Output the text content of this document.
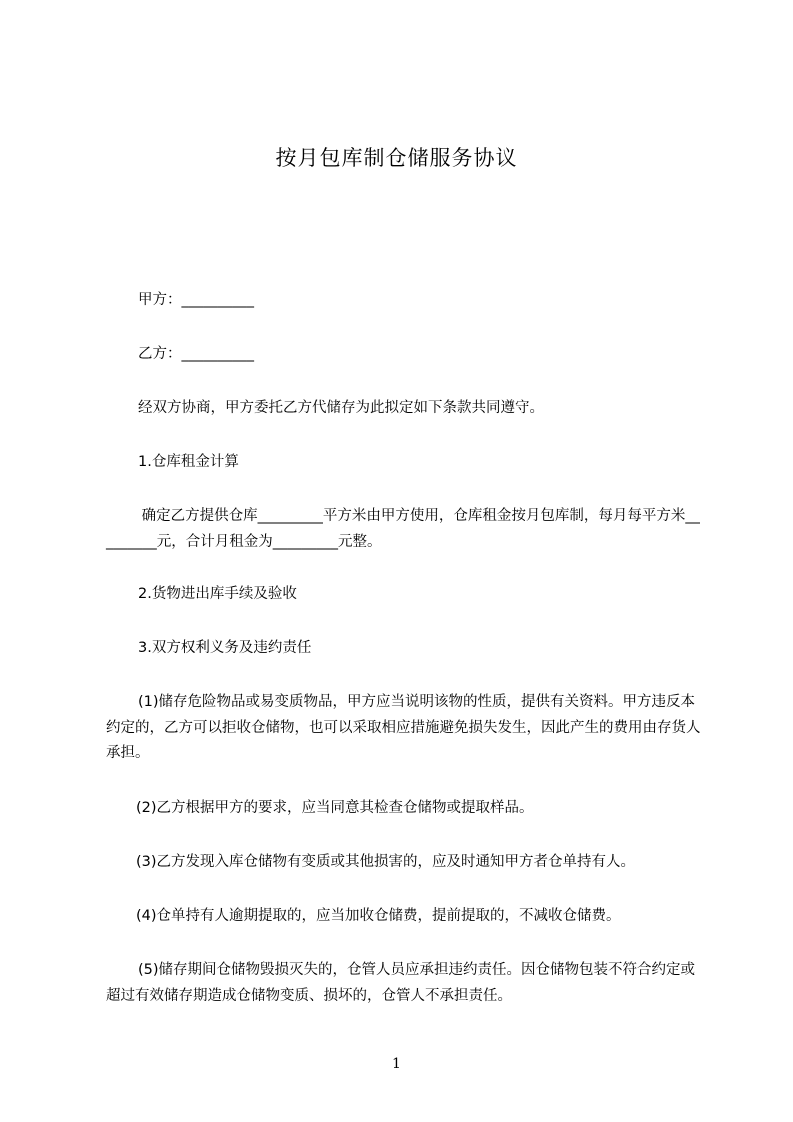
按月包库制仓储服务协议
甲方：__________
乙方：__________
经双方协商，甲方委托乙方代储存为此拟定如下条款共同遵守。
1.仓库租金计算
确定乙方提供仓库_________平方米由甲方使用，仓库租金按月包库制，每月每平方米_________元，合计月租金为_________元整。
2.货物进出库手续及验收
3.双方权利义务及违约责任
(1)储存危险物品或易变质物品，甲方应当说明该物的性质，提供有关资料。甲方违反本约定的，乙方可以拒收仓储物，也可以采取相应措施避免损失发生，因此产生的费用由存货人承担。
(2)乙方根据甲方的要求，应当同意其检查仓储物或提取样品。
(3)乙方发现入库仓储物有变质或其他损害的，应及时通知甲方者仓单持有人。
(4)仓单持有人逾期提取的，应当加收仓储费，提前提取的，不减收仓储费。
(5)储存期间仓储物毁损灭失的，仓管人员应承担违约责任。因仓储物包装不符合约定或超过有效储存期造成仓储物变质、损坏的，仓管人不承担责任。
1
